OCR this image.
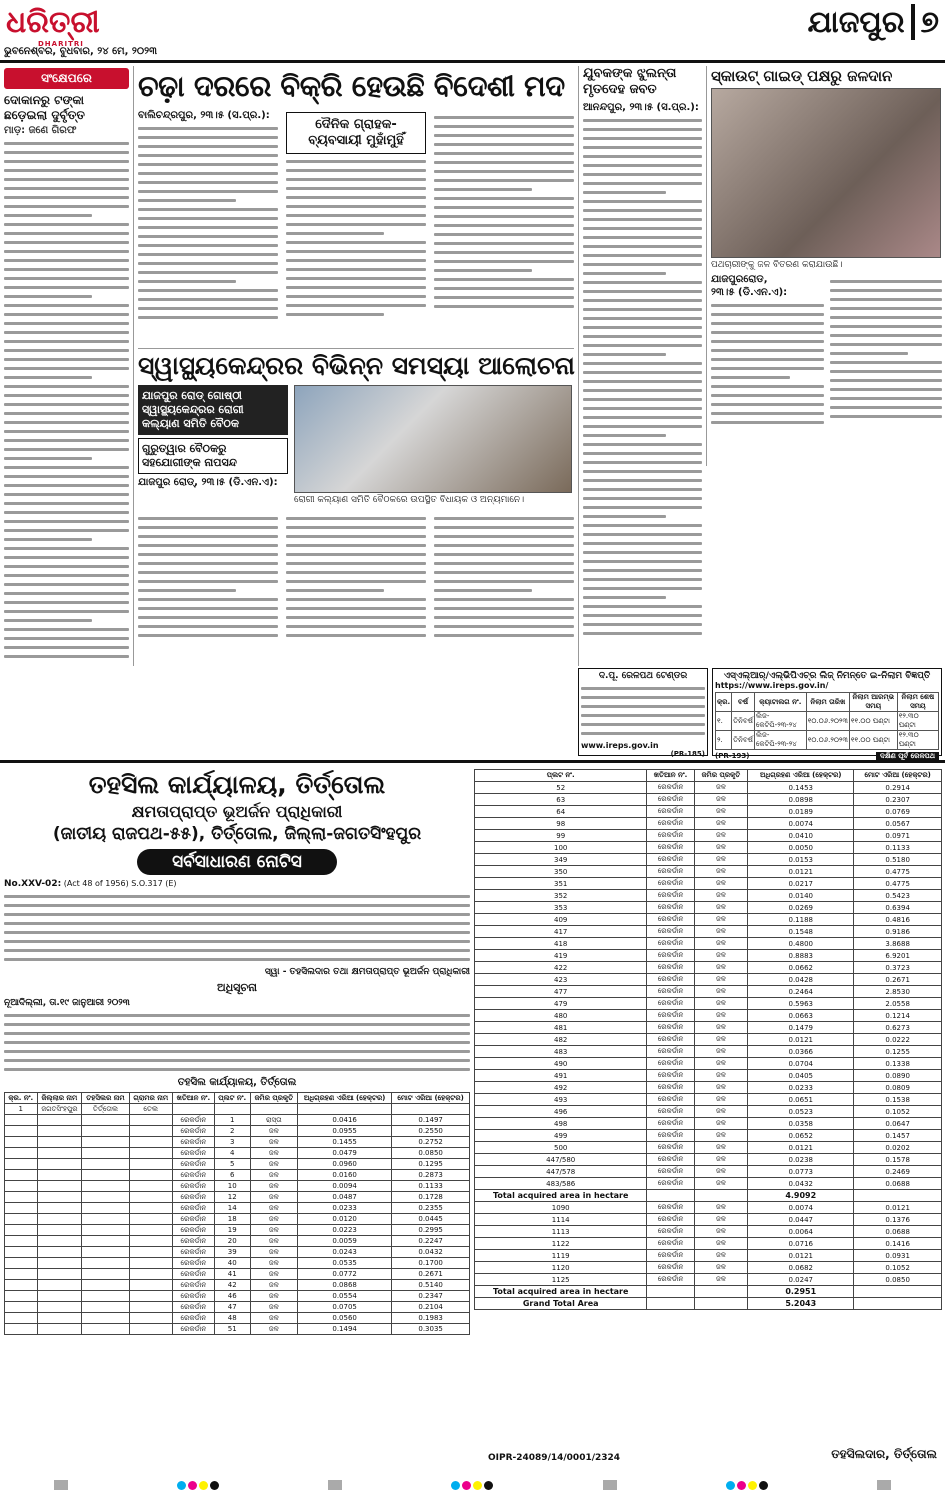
ଧରିତ୍ରୀ
DHARITRI
ଭୁବନେଶ୍ବର, ବୁଧବାର, ୨୪ ମେ, ୨୦୨୩
ଯାଜପୁର ୭
ସଂକ୍ଷେପରେ
ଦୋକାନରୁ ଟଙ୍କା ଛଡ଼େଇଲା ଦୁର୍ବୃତ୍ତ
ମାଡ଼: ଜଣେ ଗିରଫ
ଚଢ଼ା ଦରରେ ବିକ୍ରି ହେଉଛି ବିଦେଶୀ ମଦ
ବାଲିଚନ୍ଦ୍ରପୁର, ୨୩।୫ (ସ.ପ୍ର.):
ଦୈନିକ ଗ୍ରାହକ- ବ୍ୟବସାୟୀ ମୁହାଁମୁହିଁ
ଯୁବକଙ୍କ ଝୁଲନ୍ତା ମୃତଦେହ ଜବତ
ଆନନ୍ଦପୁର, ୨୩।୫ (ସ.ପ୍ର.):
ସ୍କାଉଟ୍ ଗାଇଡ୍ ପକ୍ଷରୁ ଜଳଦାନ
ପଥଚାରୀଙ୍କୁ ଜଳ ବିତରଣ କରାଯାଉଛି।
ଯାଜପୁରରୋଡ,
୨୩।୫ (ଡି.ଏନ.ଏ):
ସ୍ୱାସ୍ଥ୍ୟକେନ୍ଦ୍ରର ବିଭିନ୍ନ ସମସ୍ୟା ଆଲୋଚନା
ଯାଜପୁର ରୋଡ୍ ଗୋଷ୍ଠୀ ସ୍ୱାସ୍ଥ୍ୟକେନ୍ଦ୍ରର ରୋଗୀ କଲ୍ୟାଣ ସମିତି ବୈଠକ
ଗୁରୁତ୍ୱାର ବୈଠକରୁ ସହଯୋଗୀଙ୍କ ନାପସନ୍ଦ
ଯାଜପୁର ରୋଡ୍, ୨୩।୫ (ଡି.ଏନ.ଏ):
ରୋଗୀ କଲ୍ୟାଣ ସମିତି ବୈଠକରେ ଉପସ୍ଥିତ ବିଧାୟକ ଓ ଅନ୍ୟମାନେ।
ଦ.ପୂ. ରେଳପଥ ଟେଣ୍ଡର
www.ireps.gov.in
(PR-185)
ଏସ୍ଏଲ୍ଆର୍/ଏଲ୍ଭିପିଏଚ୍‌ର ଲିଜ୍ ନିମନ୍ତେ ଇ-ନିଲାମ ବିଜ୍ଞପ୍ତି
https://www.ireps.gov.in/
କ୍ର.	ବର୍ଷ	କ୍ୟାଟାଲଗ ନଂ.	ନିଲାମ ତାରିଖ	ନିଲାମ ଆରମ୍ଭ ସମୟ	ନିଲାମ ଶେଷ ସମୟ
୧.	ତିନିବର୍ଷ	ଲିଜ-କେଟିପି-୨୩-୨୪	୧୦.୦୬.୨୦୨୩	୧୧.୦୦ ଘଣ୍ଟା	୧୨.୩୦ ଘଣ୍ଟା
୨.	ତିନିବର୍ଷ	ଲିଜ-କେଟିପି-୨୩-୨୪	୧୦.୦୬.୨୦୨୩	୧୧.୦୦ ଘଣ୍ଟା	୧୨.୩୦ ଘଣ୍ଟା
(PR-193)	ଦକ୍ଷିଣ ପୂର୍ବ ରେଳପଥ
ତହସିଲ କାର୍ଯ୍ୟାଳୟ, ତିର୍ତ୍ତୋଲ
କ୍ଷମତାପ୍ରାପ୍ତ ଭୂଅର୍ଜନ ପ୍ରାଧିକାରୀ
(ଜାତୀୟ ରାଜପଥ-୫୫), ତିର୍ତ୍ତୋଲ, ଜିଲ୍ଲା-ଜଗତସିଂହପୁର
ସର୍ବସାଧାରଣ ନୋଟିସ
No.XXV-02: (Act 48 of 1956) S.O.317 (E)
ସ୍ୱା - ତହସିଲଦାର ତଥା କ୍ଷମତାପ୍ରାପ୍ତ ଭୂଅର୍ଜନ ପ୍ରାଧିକାରୀ
ଅଧିସୂଚନା
ନୂଆଦିଲ୍ଲୀ, ତା.୧୯ ଜାନୁଆରୀ ୨୦୨୩
ତହସିଲ କାର୍ଯ୍ୟାଳୟ, ତିର୍ତ୍ତୋଲ
କ୍ର. ନଂ.	ଜିଲ୍ଲାର ନାମ	ତହସିଲର ନାମ	ଗ୍ରାମର ନାମ	ଖତିଆନ ନଂ.	ପ୍ଲଟ ନଂ.	ଜମିର ପ୍ରକୃତି	ଅଧିଗ୍ରହଣ ଏରିଆ (ହେକ୍ଟର)	ମୋଟ ଏରିଆ (ହେକ୍ଟର)
1	ଜଗତସିଂହପୁର	ତିର୍ତ୍ତୋଲ	ତେଲ					
				ରେକର୍ଡାନ	1	ରାସ୍ତା	0.0416	0.1497
				ରେକର୍ଡାନ	2	ଜଳ	0.0955	0.2550
				ରେକର୍ଡାନ	3	ଜଳ	0.1455	0.2752
				ରେକର୍ଡାନ	4	ଜଳ	0.0479	0.0850
				ରେକର୍ଡାନ	5	ଜଳ	0.0960	0.1295
				ରେକର୍ଡାନ	6	ଜଳ	0.0160	0.2873
				ରେକର୍ଡାନ	10	ଜଳ	0.0094	0.1133
				ରେକର୍ଡାନ	12	ଜଳ	0.0487	0.1728
				ରେକର୍ଡାନ	14	ଜଳ	0.0233	0.2355
				ରେକର୍ଡାନ	18	ଜଳ	0.0120	0.0445
				ରେକର୍ଡାନ	19	ଜଳ	0.0223	0.2995
				ରେକର୍ଡାନ	20	ଜଳ	0.0059	0.2247
				ରେକର୍ଡାନ	39	ଜଳ	0.0243	0.0432
				ରେକର୍ଡାନ	40	ଜଳ	0.0535	0.1700
				ରେକର୍ଡାନ	41	ଜଳ	0.0772	0.2671
				ରେକର୍ଡାନ	42	ଜଳ	0.0868	0.5140
				ରେକର୍ଡାନ	46	ଜଳ	0.0554	0.2347
				ରେକର୍ଡାନ	47	ଜଳ	0.0705	0.2104
				ରେକର୍ଡାନ	48	ଜଳ	0.0560	0.1983
				ରେକର୍ଡାନ	51	ଜଳ	0.1494	0.3035
ପ୍ଲଟ ନଂ.	ଖତିଆନ ନଂ.	ଜମିର ପ୍ରକୃତି	ଅଧିଗ୍ରହଣ ଏରିଆ (ହେକ୍ଟର)	ମୋଟ ଏରିଆ (ହେକ୍ଟର)
52	ରେକର୍ଡାନ	ଜଳ	0.1453	0.2914
63	ରେକର୍ଡାନ	ଜଳ	0.0898	0.2307
64	ରେକର୍ଡାନ	ଜଳ	0.0189	0.0769
98	ରେକର୍ଡାନ	ଜଳ	0.0074	0.0567
99	ରେକର୍ଡାନ	ଜଳ	0.0410	0.0971
100	ରେକର୍ଡାନ	ଜଳ	0.0050	0.1133
349	ରେକର୍ଡାନ	ଜଳ	0.0153	0.5180
350	ରେକର୍ଡାନ	ଜଳ	0.0121	0.4775
351	ରେକର୍ଡାନ	ଜଳ	0.0217	0.4775
352	ରେକର୍ଡାନ	ଜଳ	0.0140	0.5423
353	ରେକର୍ଡାନ	ଜଳ	0.0269	0.6394
409	ରେକର୍ଡାନ	ଜଳ	0.1188	0.4816
417	ରେକର୍ଡାନ	ଜଳ	0.1548	0.9186
418	ରେକର୍ଡାନ	ଜଳ	0.4800	3.8688
419	ରେକର୍ଡାନ	ଜଳ	0.8883	6.9201
422	ରେକର୍ଡାନ	ଜଳ	0.0662	0.3723
423	ରେକର୍ଡାନ	ଜଳ	0.0428	0.2671
477	ରେକର୍ଡାନ	ଜଳ	0.2464	2.8530
479	ରେକର୍ଡାନ	ଜଳ	0.5963	2.0558
480	ରେକର୍ଡାନ	ଜଳ	0.0663	0.1214
481	ରେକର୍ଡାନ	ଜଳ	0.1479	0.6273
482	ରେକର୍ଡାନ	ଜଳ	0.0121	0.0222
483	ରେକର୍ଡାନ	ଜଳ	0.0366	0.1255
490	ରେକର୍ଡାନ	ଜଳ	0.0704	0.1338
491	ରେକର୍ଡାନ	ଜଳ	0.0405	0.0890
492	ରେକର୍ଡାନ	ଜଳ	0.0233	0.0809
493	ରେକର୍ଡାନ	ଜଳ	0.0651	0.1538
496	ରେକର୍ଡାନ	ଜଳ	0.0523	0.1052
498	ରେକର୍ଡାନ	ଜଳ	0.0358	0.0647
499	ରେକର୍ଡାନ	ଜଳ	0.0652	0.1457
500	ରେକର୍ଡାନ	ଜଳ	0.0121	0.0202
447/580	ରେକର୍ଡାନ	ଜଳ	0.0238	0.1578
447/578	ରେକର୍ଡାନ	ଜଳ	0.0773	0.2469
483/586	ରେକର୍ଡାନ	ଜଳ	0.0432	0.0688
Total acquired area in hectare			4.9092	
1090	ରେକର୍ଡାନ	ଜଳ	0.0074	0.0121
1114	ରେକର୍ଡାନ	ଜଳ	0.0447	0.1376
1113	ରେକର୍ଡାନ	ଜଳ	0.0064	0.0688
1122	ରେକର୍ଡାନ	ଜଳ	0.0716	0.1416
1119	ରେକର୍ଡାନ	ଜଳ	0.0121	0.0931
1120	ରେକର୍ଡାନ	ଜଳ	0.0682	0.1052
1125	ରେକର୍ଡାନ	ଜଳ	0.0247	0.0850
Total acquired area in hectare			0.2951	
Grand Total Area			5.2043	
OIPR-24089/14/0001/2324	ତହସିଲଦାର, ତିର୍ତ୍ତୋଲ
